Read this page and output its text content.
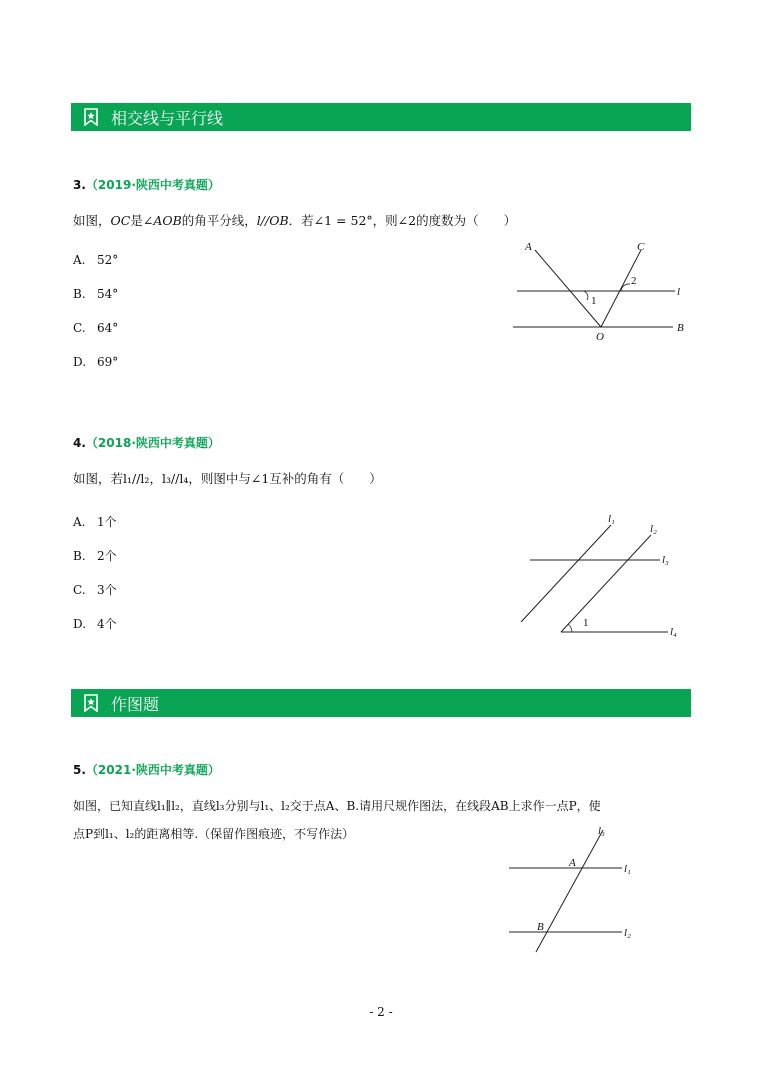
相交线与平行线
3.（2019·陕西中考真题）
如图，OC是∠AOB的角平分线，l//OB．若∠1 = 52°，则∠2的度数为（　　）
A. 52°
B. 54°
C. 64°
D. 69°
A	C
O
B
l
1
2
4.（2018·陕西中考真题）
如图，若l₁//l₂，l₃//l₄，则图中与∠1互补的角有（　　）
A. 1个
B. 2个
C. 3个
D. 4个
l₁
l₂
l₃
l₄
1
作图题
5.（2021·陕西中考真题）
如图，已知直线l₁∥l₂，直线l₃分别与l₁、l₂交于点A、B.请用尺规作图法，在线段AB上求作一点P，使
点P到l₁、l₂的距离相等.（保留作图痕迹，不写作法）	l₃
A	l₁
B	l₂
- 2 -
